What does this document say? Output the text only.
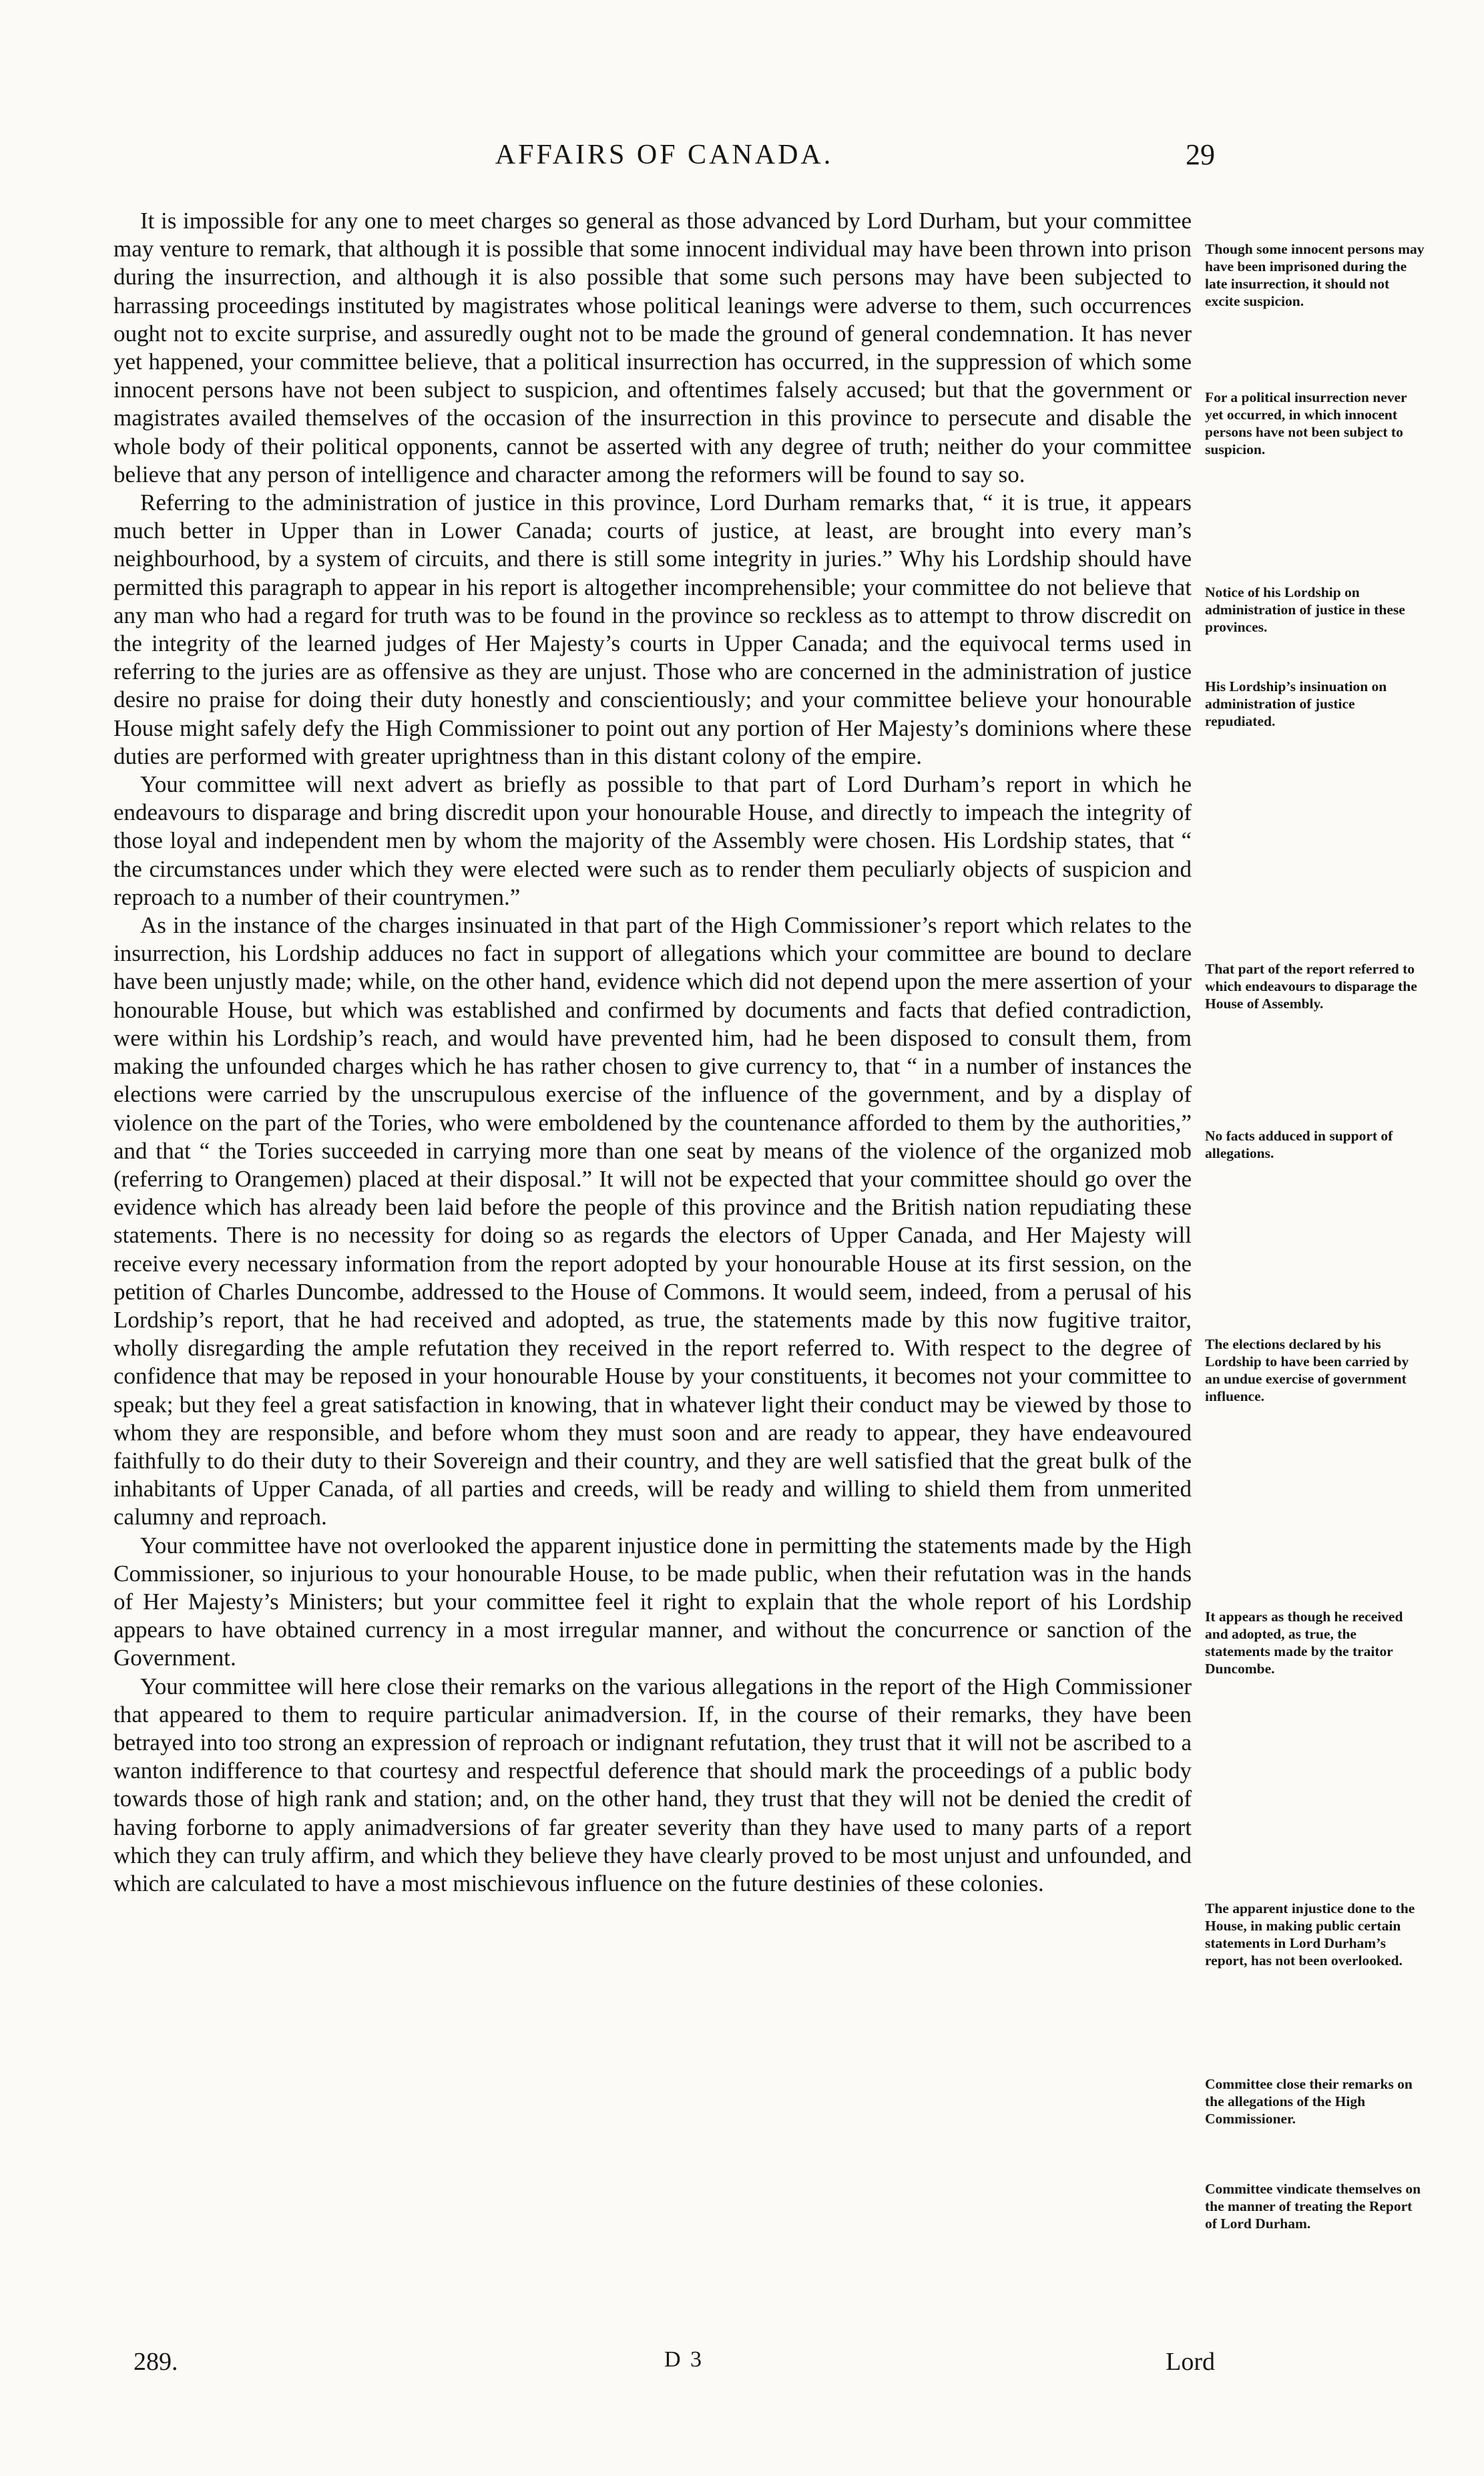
AFFAIRS OF CANADA.	29

It is impossible for any one to meet charges so general as those advanced by Lord Durham, but your committee may venture to remark, that although it is possible that some innocent individual may have been thrown into prison during the insurrection, and although it is also possible that some such persons may have been subjected to harrassing proceedings instituted by magistrates whose political leanings were adverse to them, such occurrences ought not to excite surprise, and assuredly ought not to be made the ground of general condemnation. It has never yet happened, your committee believe, that a political insurrection has occurred, in the suppression of which some innocent persons have not been subject to suspicion, and oftentimes falsely accused; but that the government or magistrates availed themselves of the occasion of the insurrection in this province to persecute and disable the whole body of their political opponents, cannot be asserted with any degree of truth; neither do your committee believe that any person of intelligence and character among the reformers will be found to say so.

Referring to the administration of justice in this province, Lord Durham remarks that, “ it is true, it appears much better in Upper than in Lower Canada; courts of justice, at least, are brought into every man’s neighbourhood, by a system of circuits, and there is still some integrity in juries.” Why his Lordship should have permitted this paragraph to appear in his report is altogether incomprehensible; your committee do not believe that any man who had a regard for truth was to be found in the province so reckless as to attempt to throw discredit on the integrity of the learned judges of Her Majesty’s courts in Upper Canada; and the equivocal terms used in referring to the juries are as offensive as they are unjust. Those who are concerned in the administration of justice desire no praise for doing their duty honestly and conscientiously; and your committee believe your honourable House might safely defy the High Commissioner to point out any portion of Her Majesty’s dominions where these duties are performed with greater uprightness than in this distant colony of the empire.

Your committee will next advert as briefly as possible to that part of Lord Durham’s report in which he endeavours to disparage and bring discredit upon your honourable House, and directly to impeach the integrity of those loyal and independent men by whom the majority of the Assembly were chosen. His Lordship states, that “ the circumstances under which they were elected were such as to render them peculiarly objects of suspicion and reproach to a number of their countrymen.”

As in the instance of the charges insinuated in that part of the High Commissioner’s report which relates to the insurrection, his Lordship adduces no fact in support of allegations which your committee are bound to declare have been unjustly made; while, on the other hand, evidence which did not depend upon the mere assertion of your honourable House, but which was established and confirmed by documents and facts that defied contradiction, were within his Lordship’s reach, and would have prevented him, had he been disposed to consult them, from making the unfounded charges which he has rather chosen to give currency to, that “ in a number of instances the elections were carried by the unscrupulous exercise of the influence of the government, and by a display of violence on the part of the Tories, who were emboldened by the countenance afforded to them by the authorities,” and that “ the Tories succeeded in carrying more than one seat by means of the violence of the organized mob (referring to Orangemen) placed at their disposal.” It will not be expected that your committee should go over the evidence which has already been laid before the people of this province and the British nation repudiating these statements. There is no necessity for doing so as regards the electors of Upper Canada, and Her Majesty will receive every necessary information from the report adopted by your honourable House at its first session, on the petition of Charles Duncombe, addressed to the House of Commons. It would seem, indeed, from a perusal of his Lordship’s report, that he had received and adopted, as true, the statements made by this now fugitive traitor, wholly disregarding the ample refutation they received in the report referred to. With respect to the degree of confidence that may be reposed in your honourable House by your constituents, it becomes not your committee to speak; but they feel a great satisfaction in knowing, that in whatever light their conduct may be viewed by those to whom they are responsible, and before whom they must soon and are ready to appear, they have endeavoured faithfully to do their duty to their Sovereign and their country, and they are well satisfied that the great bulk of the inhabitants of Upper Canada, of all parties and creeds, will be ready and willing to shield them from unmerited calumny and reproach.

Your committee have not overlooked the apparent injustice done in permitting the statements made by the High Commissioner, so injurious to your honourable House, to be made public, when their refutation was in the hands of Her Majesty’s Ministers; but your committee feel it right to explain that the whole report of his Lordship appears to have obtained currency in a most irregular manner, and without the concurrence or sanction of the Government.

Your committee will here close their remarks on the various allegations in the report of the High Commissioner that appeared to them to require particular animadversion. If, in the course of their remarks, they have been betrayed into too strong an expression of reproach or indignant refutation, they trust that it will not be ascribed to a wanton indifference to that courtesy and respectful deference that should mark the proceedings of a public body towards those of high rank and station; and, on the other hand, they trust that they will not be denied the credit of having forborne to apply animadversions of far greater severity than they have used to many parts of a report which they can truly affirm, and which they believe they have clearly proved to be most unjust and unfounded, and which are calculated to have a most mischievous influence on the future destinies of these colonies.

Though some innocent persons may have been imprisoned during the late insurrection, it should not excite suspicion.
For a political insurrection never yet occurred, in which innocent persons have not been subject to suspicion.
Notice of his Lordship on administration of justice in these provinces.
His Lordship’s insinuation on administration of justice repudiated.
That part of the report referred to which endeavours to disparage the House of Assembly.
No facts adduced in support of allegations.
The elections declared by his Lordship to have been carried by an undue exercise of government influence.
It appears as though he received and adopted, as true, the statements made by the traitor Duncombe.
The apparent injustice done to the House, in making public certain statements in Lord Durham’s report, has not been overlooked.
Committee close their remarks on the allegations of the High Commissioner.
Committee vindicate themselves on the manner of treating the Report of Lord Durham.
289.	D 3	Lord
